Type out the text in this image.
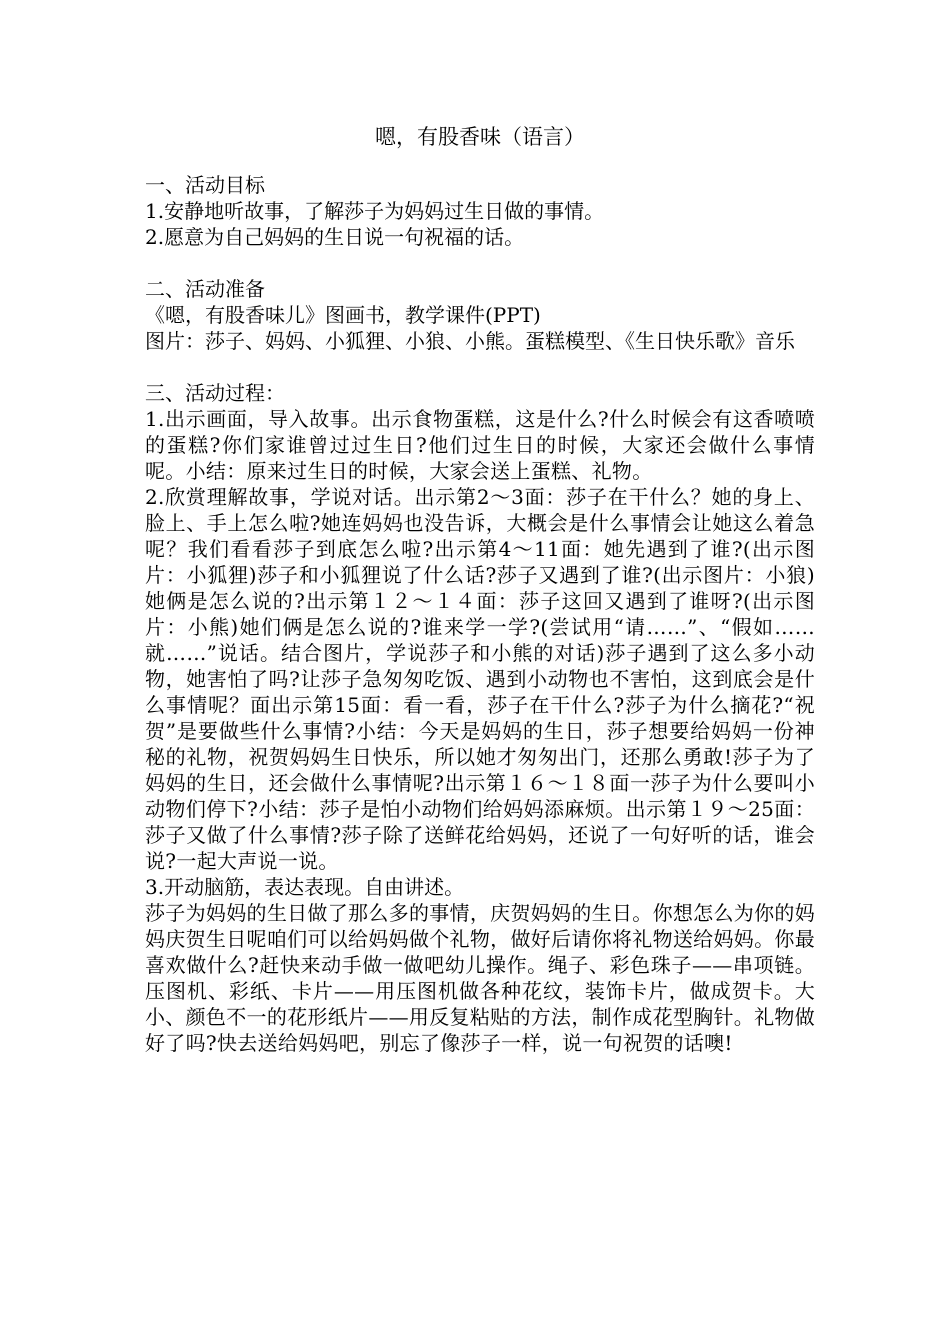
嗯，有股香味（语言）
一、活动目标
1.安静地听故事，了解莎子为妈妈过生日做的事情。
2.愿意为自己妈妈的生日说一句祝福的话。
二、活动准备
《嗯，有股香味儿》图画书，教学课件(PPT)
图片：莎子、妈妈、小狐狸、小狼、小熊。蛋糕模型、《生日快乐歌》音乐
三、活动过程：
1.出示画面，导入故事。出示食物蛋糕，这是什么?什么时候会有这香喷喷的蛋糕?你们家谁曾过过生日?他们过生日的时候，大家还会做什么事情呢。小结：原来过生日的时候，大家会送上蛋糕、礼物。
2.欣赏理解故事，学说对话。出示第2～3面：莎子在干什么？她的身上、脸上、手上怎么啦?她连妈妈也没告诉，大概会是什么事情会让她这么着急呢？我们看看莎子到底怎么啦?出示第4～11面：她先遇到了谁?(出示图片：小狐狸)莎子和小狐狸说了什么话?莎子又遇到了谁?(出示图片：小狼)她俩是怎么说的?出示第１２～１４面：莎子这回又遇到了谁呀?(出示图片：小熊)她们俩是怎么说的?谁来学一学?(尝试用“请……”、“假如……就……”说话。结合图片，学说莎子和小熊的对话)莎子遇到了这么多小动物，她害怕了吗?让莎子急匆匆吃饭、遇到小动物也不害怕，这到底会是什么事情呢？面出示第15面：看一看，莎子在干什么?莎子为什么摘花?“祝贺”是要做些什么事情?小结：今天是妈妈的生日，莎子想要给妈妈一份神秘的礼物，祝贺妈妈生日快乐，所以她才匆匆出门，还那么勇敢!莎子为了妈妈的生日，还会做什么事情呢?出示第１６～１８面一莎子为什么要叫小动物们停下?小结：莎子是怕小动物们给妈妈添麻烦。出示第１９～25面：莎子又做了什么事情?莎子除了送鲜花给妈妈，还说了一句好听的话，谁会说?一起大声说一说。
3.开动脑筋，表达表现。自由讲述。
莎子为妈妈的生日做了那么多的事情，庆贺妈妈的生日。你想怎么为你的妈妈庆贺生日呢咱们可以给妈妈做个礼物，做好后请你将礼物送给妈妈。你最喜欢做什么?赶快来动手做一做吧幼儿操作。绳子、彩色珠子——串项链。压图机、彩纸、卡片——用压图机做各种花纹，装饰卡片，做成贺卡。大小、颜色不一的花形纸片——用反复粘贴的方法，制作成花型胸针。礼物做好了吗?快去送给妈妈吧，别忘了像莎子一样，说一句祝贺的话噢!
